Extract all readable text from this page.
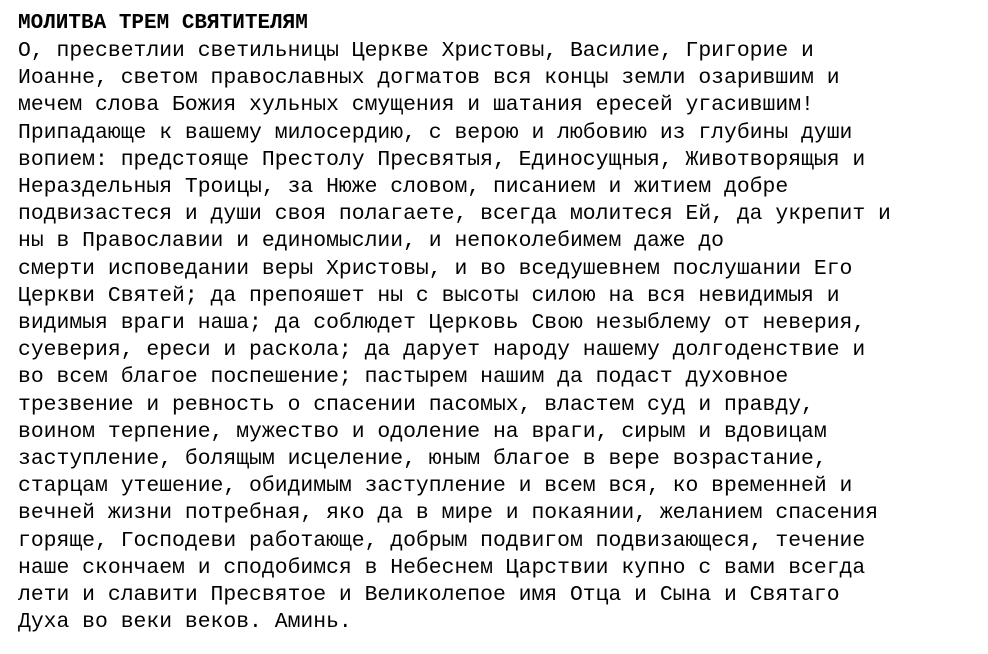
МОЛИТВА ТРЕМ СВЯТИТЕЛЯМ
О, пресветлии светильницы Церкве Христовы, Василие, Григорие и
Иоанне, светом православных догматов вся концы земли озарившим и
мечем слова Божия хульных смущения и шатания ересей угасившим!
Припадающе к вашему милосердию, с верою и любовию из глубины души
вопием: предстояще Престолу Пресвятыя, Единосущныя, Животворящыя и
Нераздельныя Троицы, за Нюже словом, писанием и житием добре
подвизастеся и души своя полагаете, всегда молитеся Ей, да укрепит и
ны в Православии и единомыслии, и непоколебимем даже до
смерти исповедании веры Христовы, и во вседушевнем послушании Его
Церкви Святей; да препояшет ны с высоты силою на вся невидимыя и
видимыя враги наша; да соблюдет Церковь Свою незыблему от неверия,
суеверия, ереси и раскола; да дарует народу нашему долгоденствие и
во всем благое поспешение; пастырем нашим да подаст духовное
трезвение и ревность о спасении пасомых, властем суд и правду,
воином терпение, мужество и одоление на враги, сирым и вдовицам
заступление, болящым исцеление, юным благое в вере возрастание,
старцам утешение, обидимым заступление и всем вся, ко временней и
вечней жизни потребная, яко да в мире и покаянии, желанием спасения
горяще, Господеви работающе, добрым подвигом подвизающеся, течение
наше скончаем и сподобимся в Небеснем Царствии купно с вами всегда
лети и славити Пресвятое и Великолепое имя Отца и Сына и Святаго
Духа во веки веков. Аминь.
